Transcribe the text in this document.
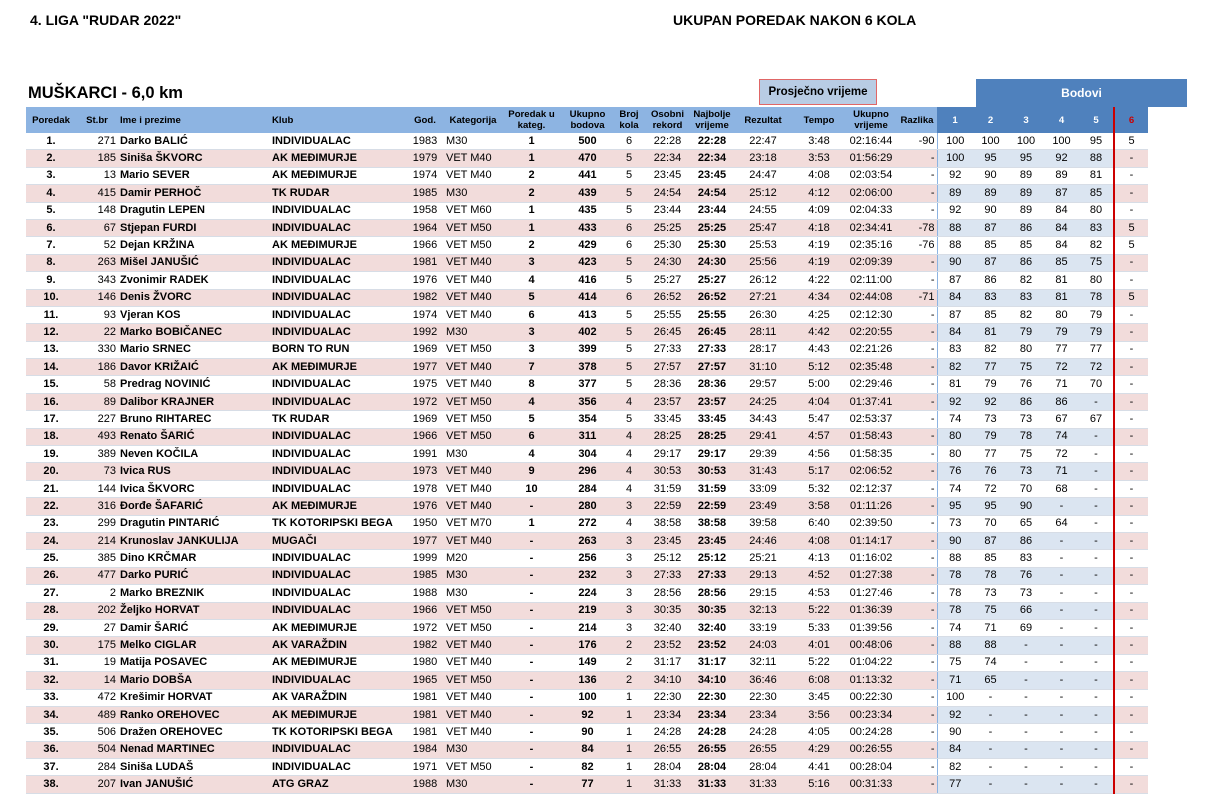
4. LIGA "RUDAR 2022"	UKUPAN POREDAK NAKON 6 KOLA
MUŠKARCI - 6,0 km	Prosječno vrijeme	Bodovi
Poredak	St.br	Ime i prezime	Klub	God.	Kategorija	Poredak u kateg.	Ukupno bodova	Broj kola	Osobni rekord	Najbolje vrijeme	Rezultat	Tempo	Ukupno vrijeme	Razlika	1	2	3	4	5	6
1.	271	Darko BALIĆ	INDIVIDUALAC	1983	M30	1	500	6	22:28	22:28	22:47	3:48	02:16:44	-90	100	100	100	100	95	5
2.	185	Siniša ŠKVORC	AK MEĐIMURJE	1979	VET M40	1	470	5	22:34	22:34	23:18	3:53	01:56:29	-	100	95	95	92	88	-
3.	13	Mario SEVER	AK MEĐIMURJE	1974	VET M40	2	441	5	23:45	23:45	24:47	4:08	02:03:54	-	92	90	89	89	81	-
4.	415	Damir PERHOČ	TK RUDAR	1985	M30	2	439	5	24:54	24:54	25:12	4:12	02:06:00	-	89	89	89	87	85	-
5.	148	Dragutin LEPEN	INDIVIDUALAC	1958	VET M60	1	435	5	23:44	23:44	24:55	4:09	02:04:33	-	92	90	89	84	80	-
6.	67	Stjepan FURDI	INDIVIDUALAC	1964	VET M50	1	433	6	25:25	25:25	25:47	4:18	02:34:41	-78	88	87	86	84	83	5
7.	52	Dejan KRŽINA	AK MEĐIMURJE	1966	VET M50	2	429	6	25:30	25:30	25:53	4:19	02:35:16	-76	88	85	85	84	82	5
8.	263	Mišel JANUŠIĆ	INDIVIDUALAC	1981	VET M40	3	423	5	24:30	24:30	25:56	4:19	02:09:39	-	90	87	86	85	75	-
9.	343	Zvonimir RADEK	INDIVIDUALAC	1976	VET M40	4	416	5	25:27	25:27	26:12	4:22	02:11:00	-	87	86	82	81	80	-
10.	146	Denis ŽVORC	INDIVIDUALAC	1982	VET M40	5	414	6	26:52	26:52	27:21	4:34	02:44:08	-71	84	83	83	81	78	5
11.	93	Vjeran KOS	INDIVIDUALAC	1974	VET M40	6	413	5	25:55	25:55	26:30	4:25	02:12:30	-	87	85	82	80	79	-
12.	22	Marko BOBIČANEC	INDIVIDUALAC	1992	M30	3	402	5	26:45	26:45	28:11	4:42	02:20:55	-	84	81	79	79	79	-
13.	330	Mario SRNEC	BORN TO RUN	1969	VET M50	3	399	5	27:33	27:33	28:17	4:43	02:21:26	-	83	82	80	77	77	-
14.	186	Davor KRIŽAIĆ	AK MEĐIMURJE	1977	VET M40	7	378	5	27:57	27:57	31:10	5:12	02:35:48	-	82	77	75	72	72	-
15.	58	Predrag NOVINIĆ	INDIVIDUALAC	1975	VET M40	8	377	5	28:36	28:36	29:57	5:00	02:29:46	-	81	79	76	71	70	-
16.	89	Dalibor KRAJNER	INDIVIDUALAC	1972	VET M50	4	356	4	23:57	23:57	24:25	4:04	01:37:41	-	92	92	86	86	-	-
17.	227	Bruno RIHTAREC	TK RUDAR	1969	VET M50	5	354	5	33:45	33:45	34:43	5:47	02:53:37	-	74	73	73	67	67	-
18.	493	Renato ŠARIĆ	INDIVIDUALAC	1966	VET M50	6	311	4	28:25	28:25	29:41	4:57	01:58:43	-	80	79	78	74	-	-
19.	389	Neven KOČILA	INDIVIDUALAC	1991	M30	4	304	4	29:17	29:17	29:39	4:56	01:58:35	-	80	77	75	72	-	-
20.	73	Ivica RUS	INDIVIDUALAC	1973	VET M40	9	296	4	30:53	30:53	31:43	5:17	02:06:52	-	76	76	73	71	-	-
21.	144	Ivica ŠKVORC	INDIVIDUALAC	1978	VET M40	10	284	4	31:59	31:59	33:09	5:32	02:12:37	-	74	72	70	68	-	-
22.	316	Đorđe ŠAFARIĆ	AK MEĐIMURJE	1976	VET M40	-	280	3	22:59	22:59	23:49	3:58	01:11:26	-	95	95	90	-	-	-
23.	299	Dragutin PINTARIĆ	TK KOTORIPSKI BEGA	1950	VET M70	1	272	4	38:58	38:58	39:58	6:40	02:39:50	-	73	70	65	64	-	-
24.	214	Krunoslav JANKULIJA	MUGAČI	1977	VET M40	-	263	3	23:45	23:45	24:46	4:08	01:14:17	-	90	87	86	-	-	-
25.	385	Dino KRČMAR	INDIVIDUALAC	1999	M20	-	256	3	25:12	25:12	25:21	4:13	01:16:02	-	88	85	83	-	-	-
26.	477	Darko PURIĆ	INDIVIDUALAC	1985	M30	-	232	3	27:33	27:33	29:13	4:52	01:27:38	-	78	78	76	-	-	-
27.	2	Marko BREZNIK	INDIVIDUALAC	1988	M30	-	224	3	28:56	28:56	29:15	4:53	01:27:46	-	78	73	73	-	-	-
28.	202	Željko HORVAT	INDIVIDUALAC	1966	VET M50	-	219	3	30:35	30:35	32:13	5:22	01:36:39	-	78	75	66	-	-	-
29.	27	Damir ŠARIĆ	AK MEĐIMURJE	1972	VET M50	-	214	3	32:40	32:40	33:19	5:33	01:39:56	-	74	71	69	-	-	-
30.	175	Melko CIGLAR	AK VARAŽDIN	1982	VET M40	-	176	2	23:52	23:52	24:03	4:01	00:48:06	-	88	88	-	-	-	-
31.	19	Matija POSAVEC	AK MEĐIMURJE	1980	VET M40	-	149	2	31:17	31:17	32:11	5:22	01:04:22	-	75	74	-	-	-	-
32.	14	Mario DOBŠA	INDIVIDUALAC	1965	VET M50	-	136	2	34:10	34:10	36:46	6:08	01:13:32	-	71	65	-	-	-	-
33.	472	Krešimir HORVAT	AK VARAŽDIN	1981	VET M40	-	100	1	22:30	22:30	22:30	3:45	00:22:30	-	100	-	-	-	-	-
34.	489	Ranko OREHOVEC	AK MEĐIMURJE	1981	VET M40	-	92	1	23:34	23:34	23:34	3:56	00:23:34	-	92	-	-	-	-	-
35.	506	Dražen OREHOVEC	TK KOTORIPSKI BEGA	1981	VET M40	-	90	1	24:28	24:28	24:28	4:05	00:24:28	-	90	-	-	-	-	-
36.	504	Nenad MARTINEC	INDIVIDUALAC	1984	M30	-	84	1	26:55	26:55	26:55	4:29	00:26:55	-	84	-	-	-	-	-
37.	284	Siniša LUDAŠ	INDIVIDUALAC	1971	VET M50	-	82	1	28:04	28:04	28:04	4:41	00:28:04	-	82	-	-	-	-	-
38.	207	Ivan JANUŠIĆ	ATG GRAZ	1988	M30	-	77	1	31:33	31:33	31:33	5:16	00:31:33	-	77	-	-	-	-	-
